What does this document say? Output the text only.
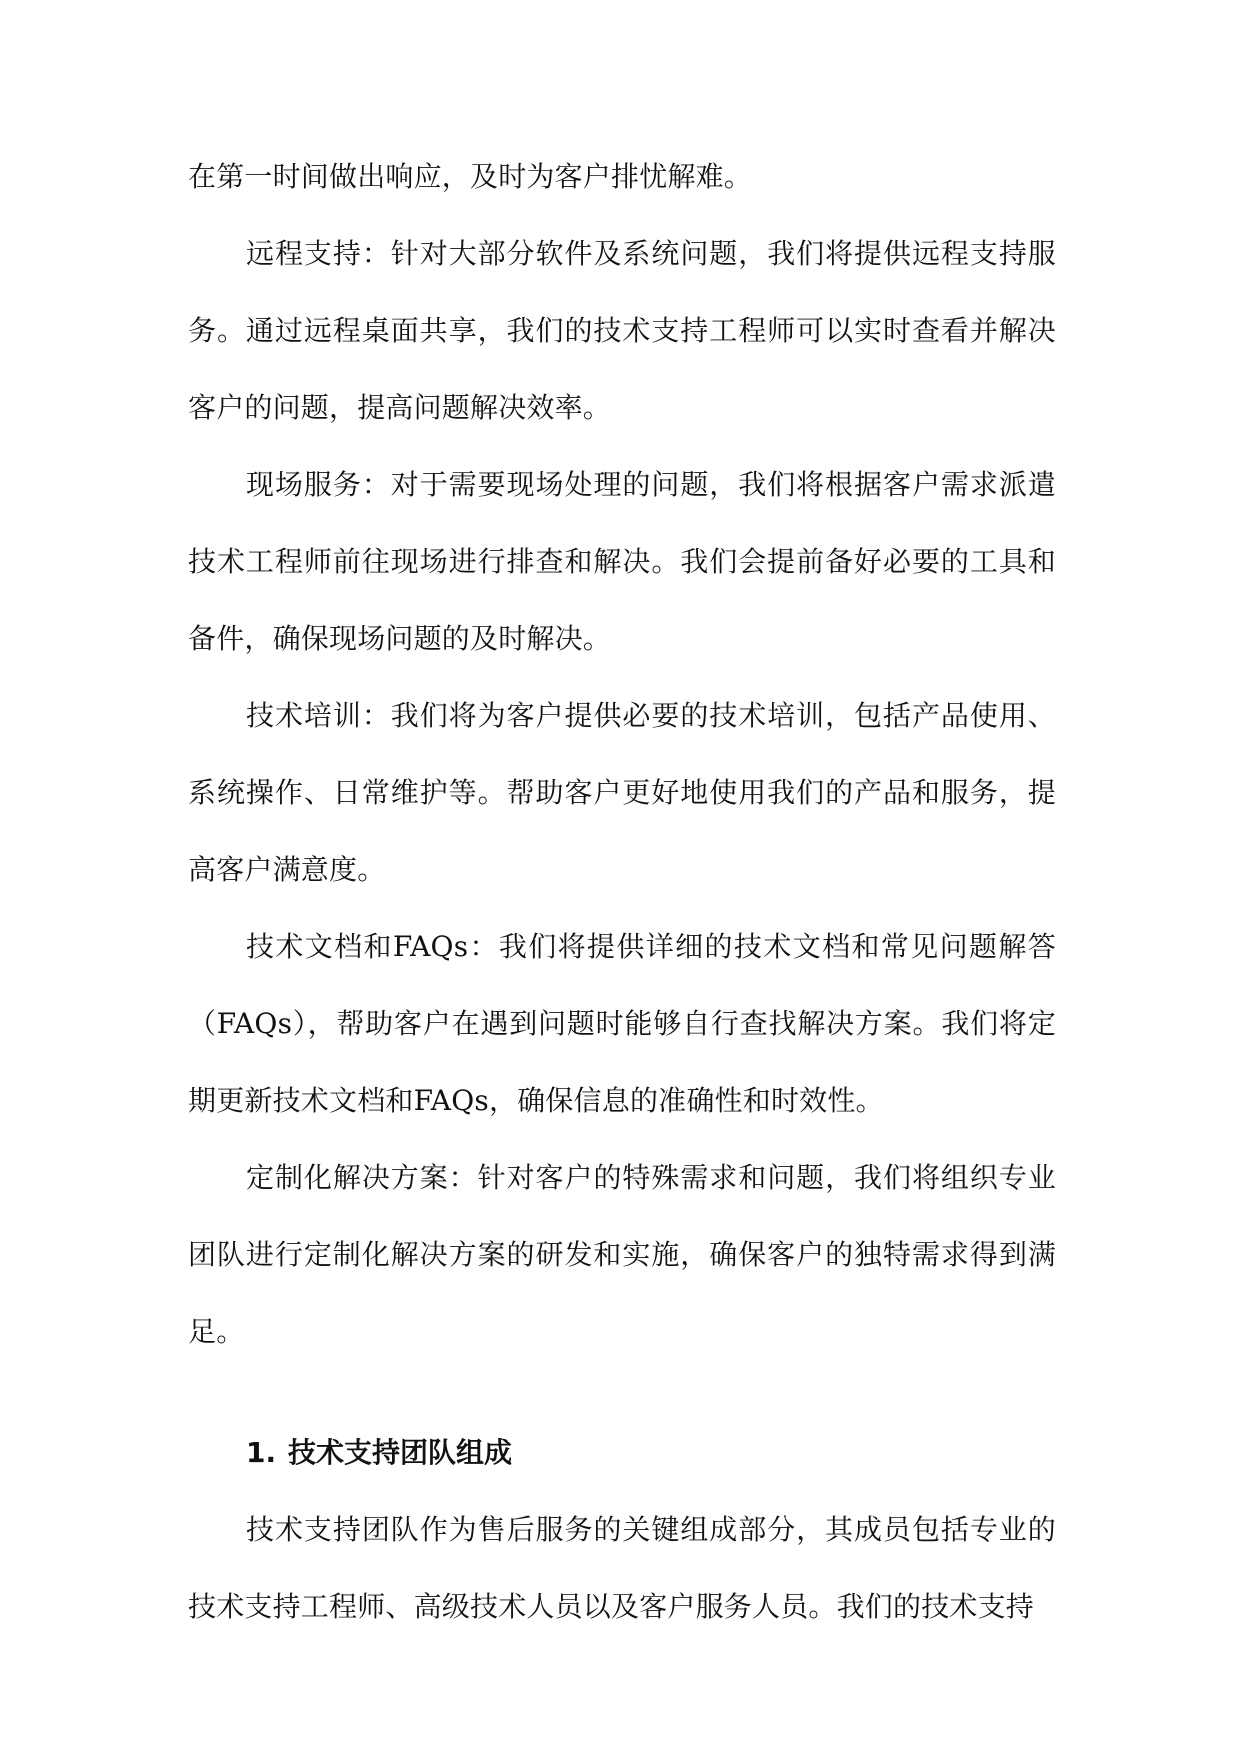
在第一时间做出响应，及时为客户排忧解难。

远程支持：针对大部分软件及系统问题，我们将提供远程支持服务。通过远程桌面共享，我们的技术支持工程师可以实时查看并解决客户的问题，提高问题解决效率。

现场服务：对于需要现场处理的问题，我们将根据客户需求派遣技术工程师前往现场进行排查和解决。我们会提前备好必要的工具和备件，确保现场问题的及时解决。

技术培训：我们将为客户提供必要的技术培训，包括产品使用、系统操作、日常维护等。帮助客户更好地使用我们的产品和服务，提高客户满意度。

技术文档和FAQs：我们将提供详细的技术文档和常见问题解答（FAQs），帮助客户在遇到问题时能够自行查找解决方案。我们将定期更新技术文档和FAQs，确保信息的准确性和时效性。

定制化解决方案：针对客户的特殊需求和问题，我们将组织专业团队进行定制化解决方案的研发和实施，确保客户的独特需求得到满足。

1. 技术支持团队组成

技术支持团队作为售后服务的关键组成部分，其成员包括专业的技术支持工程师、高级技术人员以及客户服务人员。我们的技术支持
